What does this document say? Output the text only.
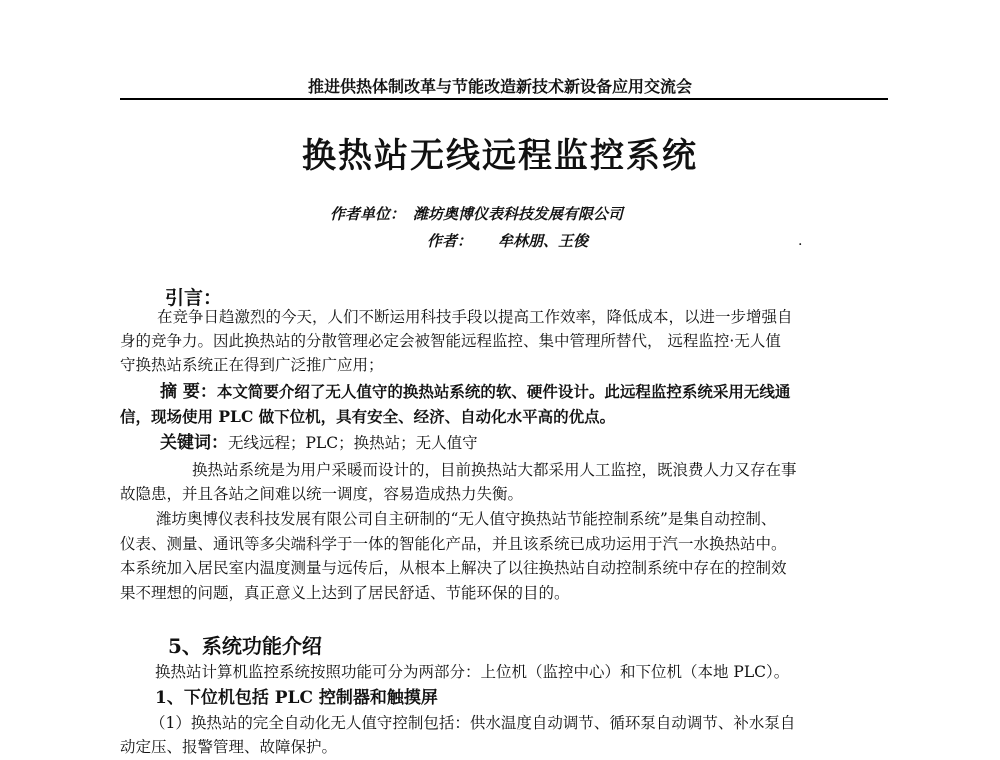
推进供热体制改革与节能改造新技术新设备应用交流会
换热站无线远程监控系统
作者单位： 潍坊奥博仪表科技发展有限公司
作者： 牟林朋、王俊	.
引言：
在竞争日趋激烈的今天，人们不断运用科技手段以提高工作效率，降低成本，以进一步增强自
身的竞争力。因此换热站的分散管理必定会被智能远程监控、集中管理所替代， 远程监控·无人值
守换热站系统正在得到广泛推广应用；
摘 要：本文简要介绍了无人值守的换热站系统的软、硬件设计。此远程监控系统采用无线通
信，现场使用 PLC 做下位机，具有安全、经济、自动化水平高的优点。
关键词：无线远程；PLC；换热站；无人值守
换热站系统是为用户采暖而设计的，目前换热站大都采用人工监控，既浪费人力又存在事
故隐患，并且各站之间难以统一调度，容易造成热力失衡。
潍坊奥博仪表科技发展有限公司自主研制的“无人值守换热站节能控制系统”是集自动控制、
仪表、测量、通讯等多尖端科学于一体的智能化产品，并且该系统已成功运用于汽一水换热站中。
本系统加入居民室内温度测量与远传后，从根本上解决了以往换热站自动控制系统中存在的控制效
果不理想的问题，真正意义上达到了居民舒适、节能环保的目的。
5、系统功能介绍
换热站计算机监控系统按照功能可分为两部分：上位机（监控中心）和下位机（本地 PLC）。
1、下位机包括 PLC 控制器和触摸屏
（1）换热站的完全自动化无人值守控制包括：供水温度自动调节、循环泵自动调节、补水泵自
动定压、报警管理、故障保护。
